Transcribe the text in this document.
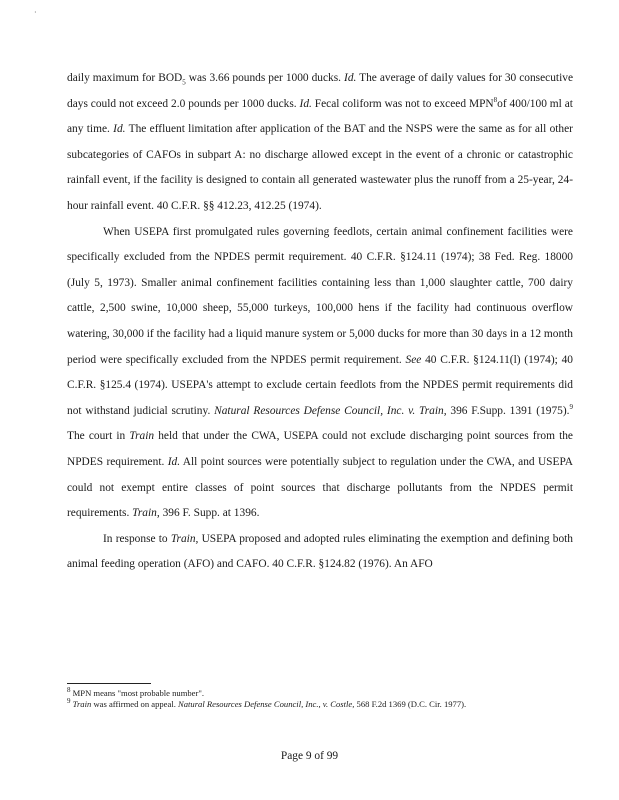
·

daily maximum for $BOD_5$ was 3.66 pounds per 1000 ducks. Id. The average of daily values for 30 consecutive days could not exceed 2.0 pounds per 1000 ducks. Id. Fecal coliform was not to exceed MPN$^8$of 400/100 ml at any time. Id. The effluent limitation after application of the BAT and the NSPS were the same as for all other subcategories of CAFOs in subpart A: no discharge allowed except in the event of a chronic or catastrophic rainfall event, if the facility is designed to contain all generated wastewater plus the runoff from a 25-year, 24-hour rainfall event. 40 C.F.R. §§ 412.23, 412.25 (1974).

When USEPA first promulgated rules governing feedlots, certain animal confinement facilities were specifically excluded from the NPDES permit requirement. 40 C.F.R. §124.11 (1974); 38 Fed. Reg. 18000 (July 5, 1973). Smaller animal confinement facilities containing less than 1,000 slaughter cattle, 700 dairy cattle, 2,500 swine, 10,000 sheep, 55,000 turkeys, 100,000 hens if the facility had continuous overflow watering, 30,000 if the facility had a liquid manure system or 5,000 ducks for more than 30 days in a 12 month period were specifically excluded from the NPDES permit requirement. See 40 C.F.R. §124.11(l) (1974); 40 C.F.R. §125.4 (1974). USEPA's attempt to exclude certain feedlots from the NPDES permit requirements did not withstand judicial scrutiny. Natural Resources Defense Council, Inc. v. Train, 396 F.Supp. 1391 (1975).$^9$ The court in Train held that under the CWA, USEPA could not exclude discharging point sources from the NPDES requirement. Id. All point sources were potentially subject to regulation under the CWA, and USEPA could not exempt entire classes of point sources that discharge pollutants from the NPDES permit requirements. Train, 396 F. Supp. at 1396.

In response to Train, USEPA proposed and adopted rules eliminating the exemption and defining both animal feeding operation (AFO) and CAFO. 40 C.F.R. §124.82 (1976). An AFO

$^8$ MPN means "most probable number".

$^9$ Train was affirmed on appeal. Natural Resources Defense Council, Inc., v. Costle, 568 F.2d 1369 (D.C. Cir. 1977).

Page 9 of 99
